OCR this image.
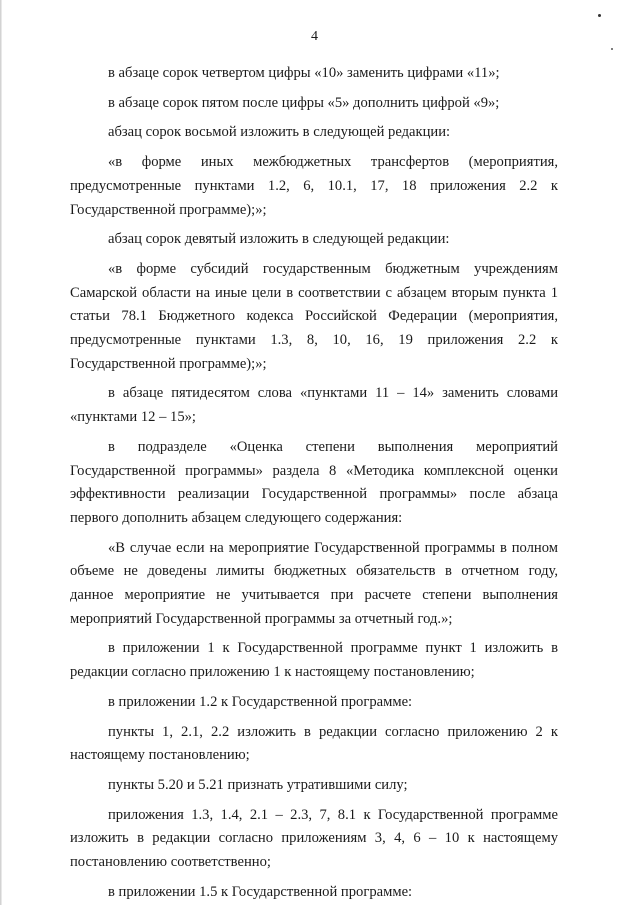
4

в абзаце сорок четвертом цифры «10» заменить цифрами «11»;

в абзаце сорок пятом после цифры «5» дополнить цифрой «9»;

абзац сорок восьмой изложить в следующей редакции:

«в форме иных межбюджетных трансфертов (мероприятия, предусмотренные пунктами 1.2, 6, 10.1, 17, 18 приложения 2.2 к Государственной программе);»;

абзац сорок девятый изложить в следующей редакции:

«в форме субсидий государственным бюджетным учреждениям Самарской области на иные цели в соответствии с абзацем вторым пункта 1 статьи 78.1 Бюджетного кодекса Российской Федерации (мероприятия, предусмотренные пунктами 1.3, 8, 10, 16, 19 приложения 2.2 к Государственной программе);»;

в абзаце пятидесятом слова «пунктами 11 – 14» заменить словами «пунктами 12 – 15»;

в подразделе «Оценка степени выполнения мероприятий Государственной программы» раздела 8 «Методика комплексной оценки эффективности реализации Государственной программы» после абзаца первого дополнить абзацем следующего содержания:

«В случае если на мероприятие Государственной программы в полном объеме не доведены лимиты бюджетных обязательств в отчетном году, данное мероприятие не учитывается при расчете степени выполнения мероприятий Государственной программы за отчетный год.»;

в приложении 1 к Государственной программе пункт 1 изложить в редакции согласно приложению 1 к настоящему постановлению;

в приложении 1.2 к Государственной программе:

пункты 1, 2.1, 2.2 изложить в редакции согласно приложению 2 к настоящему постановлению;

пункты 5.20 и 5.21 признать утратившими силу;

приложения 1.3, 1.4, 2.1 – 2.3, 7, 8.1 к Государственной программе изложить в редакции согласно приложениям 3, 4, 6 – 10 к настоящему постановлению соответственно;

в приложении 1.5 к Государственной программе:
